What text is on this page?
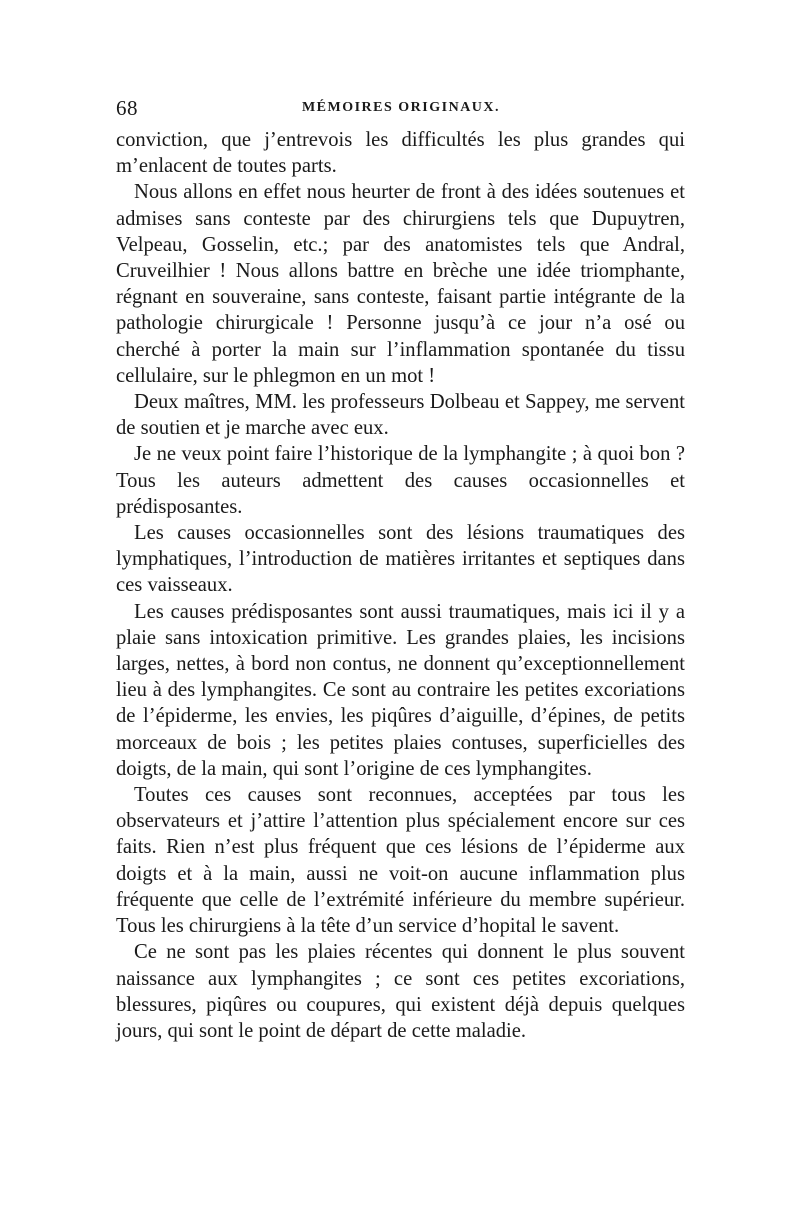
68	MÉMOIRES ORIGINAUX.

conviction, que j’entrevois les difficultés les plus grandes qui m’enlacent de toutes parts.

Nous allons en effet nous heurter de front à des idées soutenues et admises sans conteste par des chirurgiens tels que Dupuytren, Velpeau, Gosselin, etc.; par des anatomistes tels que Andral, Cruveilhier ! Nous allons battre en brèche une idée triomphante, régnant en souveraine, sans conteste, faisant partie intégrante de la pathologie chirurgicale ! Personne jusqu’à ce jour n’a osé ou cherché à porter la main sur l’inflammation spontanée du tissu cellulaire, sur le phlegmon en un mot !

Deux maîtres, MM. les professeurs Dolbeau et Sappey, me servent de soutien et je marche avec eux.

Je ne veux point faire l’historique de la lymphangite ; à quoi bon ? Tous les auteurs admettent des causes occasionnelles et prédisposantes.

Les causes occasionnelles sont des lésions traumatiques des lymphatiques, l’introduction de matières irritantes et septiques dans ces vaisseaux.

Les causes prédisposantes sont aussi traumatiques, mais ici il y a plaie sans intoxication primitive. Les grandes plaies, les incisions larges, nettes, à bord non contus, ne donnent qu’exceptionnellement lieu à des lymphangites. Ce sont au contraire les petites excoriations de l’épiderme, les envies, les piqûres d’aiguille, d’épines, de petits morceaux de bois ; les petites plaies contuses, superficielles des doigts, de la main, qui sont l’origine de ces lymphangites.

Toutes ces causes sont reconnues, acceptées par tous les observateurs et j’attire l’attention plus spécialement encore sur ces faits. Rien n’est plus fréquent que ces lésions de l’épiderme aux doigts et à la main, aussi ne voit-on aucune inflammation plus fréquente que celle de l’extrémité inférieure du membre supérieur. Tous les chirurgiens à la tête d’un service d’hopital le savent.

Ce ne sont pas les plaies récentes qui donnent le plus souvent naissance aux lymphangites ; ce sont ces petites excoriations, blessures, piqûres ou coupures, qui existent déjà depuis quelques jours, qui sont le point de départ de cette maladie.
